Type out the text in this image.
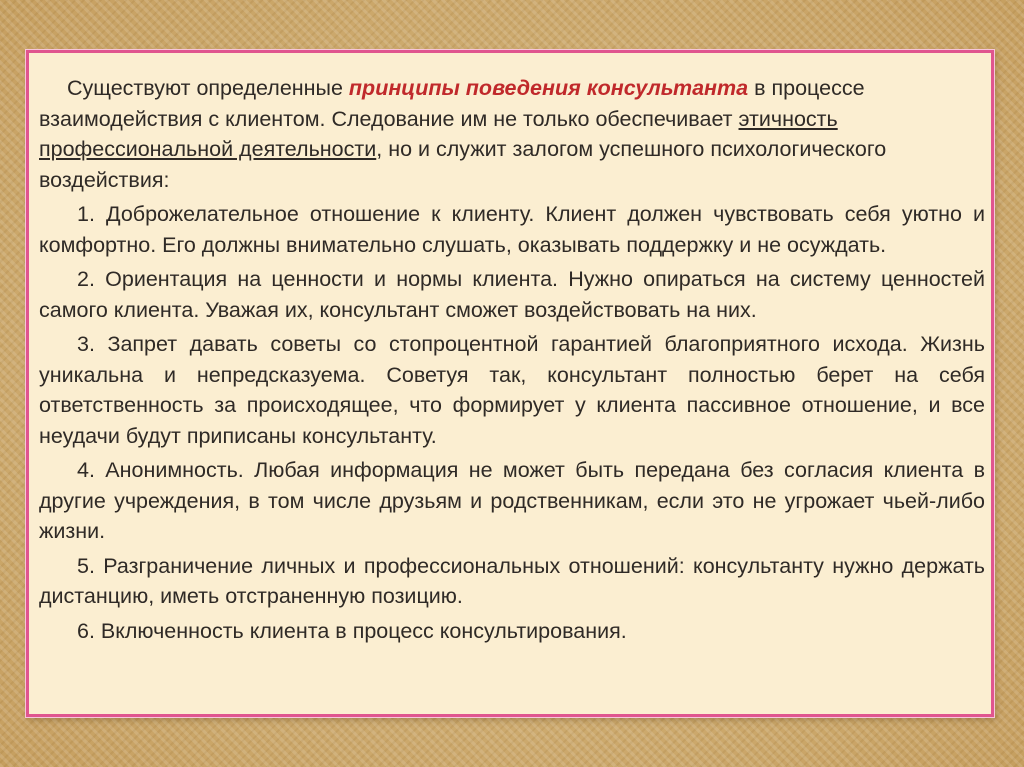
Существуют определенные принципы поведения консультанта в процессе взаимодействия с клиентом. Следование им не только обеспечивает этичность профессиональной деятельности, но и служит залогом успешного психологического воздействия:

1. Доброжелательное отношение к клиенту. Клиент должен чувствовать себя уютно и комфортно. Его должны внимательно слушать, оказывать поддержку и не осуждать.

2. Ориентация на ценности и нормы клиента. Нужно опираться на систему ценностей самого клиента. Уважая их, консультант сможет воздействовать на них.

3. Запрет давать советы со стопроцентной гарантией благоприятного исхода. Жизнь уникальна и непредсказуема. Советуя так, консультант полностью берет на себя ответственность за происходящее, что формирует у клиента пассивное отношение, и все неудачи будут приписаны консультанту.

4. Анонимность. Любая информация не может быть передана без согласия клиента в другие учреждения, в том числе друзьям и родственникам, если это не угрожает чьей-либо жизни.

5. Разграничение личных и профессиональных отношений: консультанту нужно держать дистанцию, иметь отстраненную позицию.

6. Включенность клиента в процесс консультирования.
